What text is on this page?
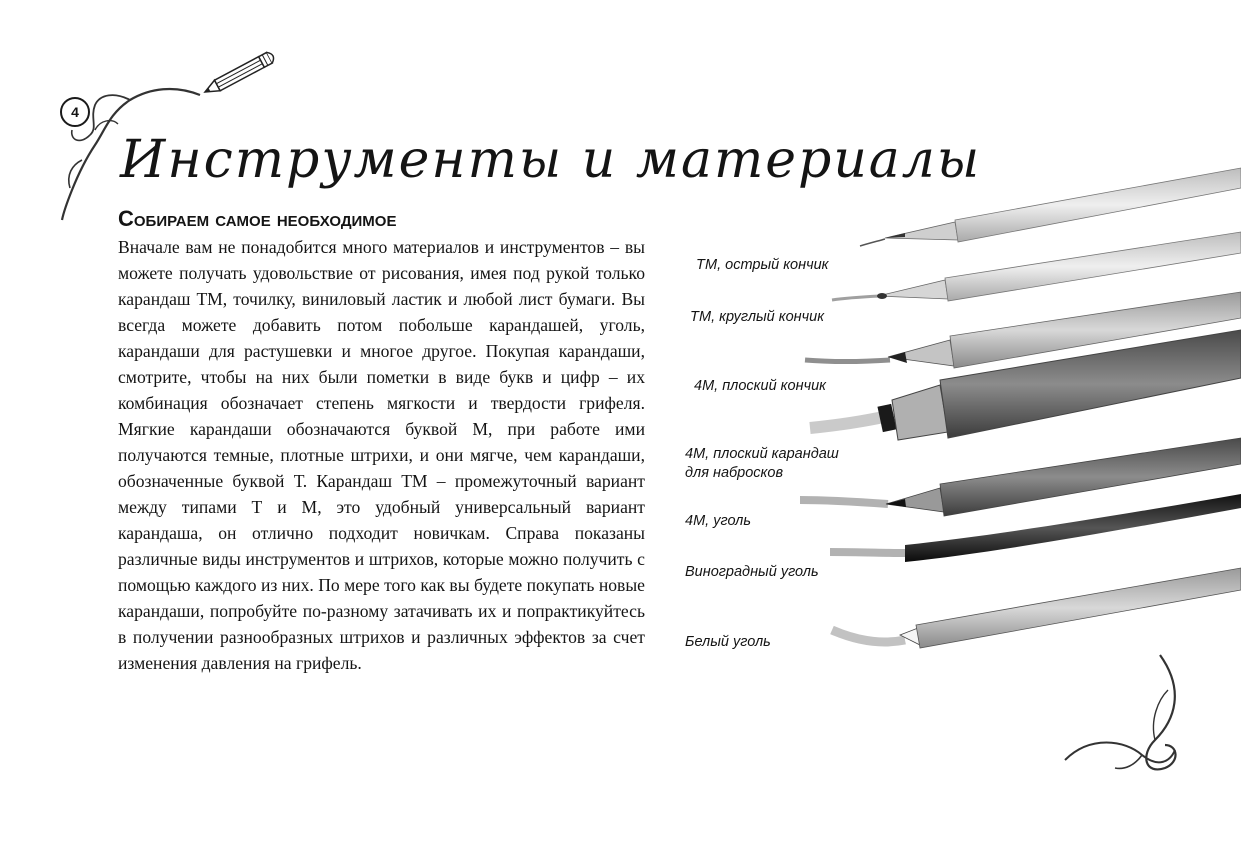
4
Инструменты и материалы
Собираем самое необходимое

Вначале вам не понадобится много материалов и инструментов – вы можете получать удовольствие от рисования, имея под рукой только карандаш ТМ, точилку, виниловый ластик и любой лист бумаги. Вы всегда можете добавить потом побольше карандашей, уголь, карандаши для растушевки и многое другое. Покупая карандаши, смотрите, чтобы на них были пометки в виде букв и цифр – их комбинация обозначает степень мягкости и твердости грифеля. Мягкие карандаши обозначаются буквой М, при работе ими получаются темные, плотные штрихи, и они мягче, чем карандаши, обозначенные буквой Т. Карандаш ТМ – промежуточный вариант между типами Т и М, это удобный универсальный вариант карандаша, он отлично подходит новичкам. Справа показаны различные виды инструментов и штрихов, которые можно получить с помощью каждого из них. По мере того как вы будете покупать новые карандаши, попробуйте по-разному затачивать их и попрактикуйтесь в получении разнообразных штрихов и различных эффектов за счет изменения давления на грифель.

ТМ, острый кончик
ТМ, круглый кончик
4М, плоский кончик
4М, плоский карандаш
для набросков
4М, уголь
Виноградный уголь
Белый уголь
